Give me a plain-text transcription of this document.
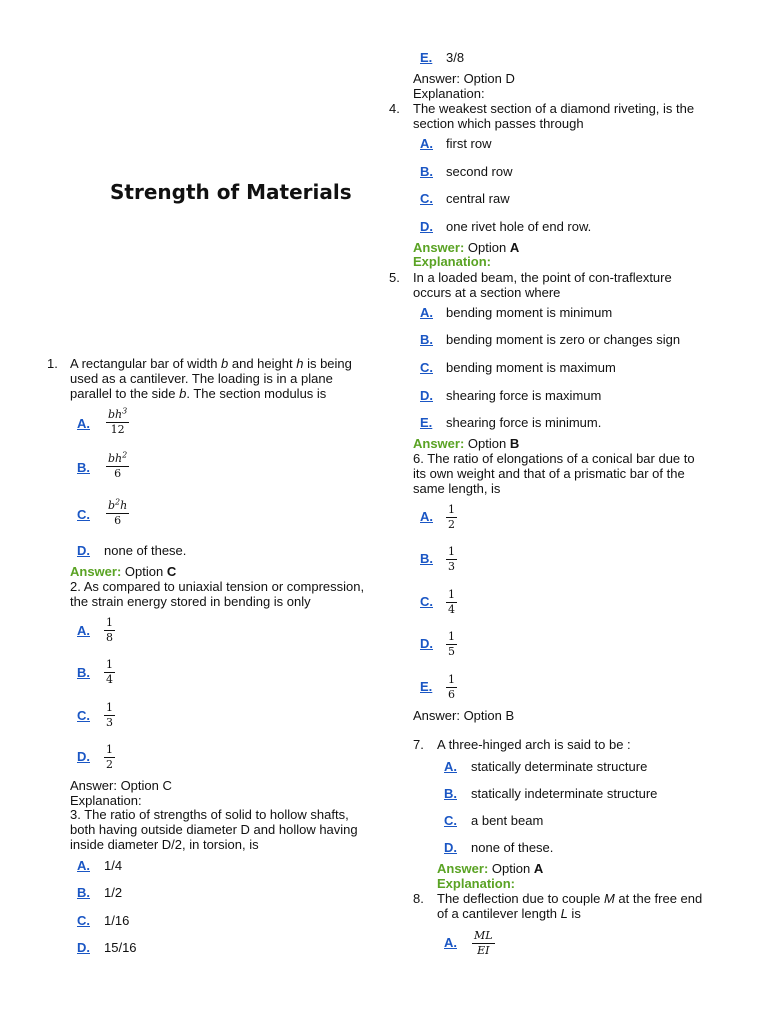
Strength of Materials
1. A rectangular bar of width b and height h is being
used as a cantilever. The loading is in a plane
parallel to the side b. The section modulus is
A. $\frac{bh^3}{12}$
B. $\frac{bh^2}{6}$
C. $\frac{b^2h}{6}$
D. none of these.
Answer: Option C
2. As compared to uniaxial tension or compression,
the strain energy stored in bending is only
A. $\frac{1}{8}$
B. $\frac{1}{4}$
C. $\frac{1}{3}$
D. $\frac{1}{2}$
Answer: Option C
Explanation:
3. The ratio of strengths of solid to hollow shafts,
both having outside diameter D and hollow having
inside diameter D/2, in torsion, is
A. 1/4
B. 1/2
C. 1/16
D. 15/16
E. 3/8
Answer: Option D
Explanation:
4. The weakest section of a diamond riveting, is the
section which passes through
A. first row
B. second row
C. central raw
D. one rivet hole of end row.
Answer: Option A
Explanation:
5. In a loaded beam, the point of con-traflexture
occurs at a section where
A. bending moment is minimum
B. bending moment is zero or changes sign
C. bending moment is maximum
D. shearing force is maximum
E. shearing force is minimum.
Answer: Option B
6. The ratio of elongations of a conical bar due to
its own weight and that of a prismatic bar of the
same length, is
A. $\frac{1}{2}$
B. $\frac{1}{3}$
C. $\frac{1}{4}$
D. $\frac{1}{5}$
E. $\frac{1}{6}$
Answer: Option B
7. A three-hinged arch is said to be :
A. statically determinate structure
B. statically indeterminate structure
C. a bent beam
D. none of these.
Answer: Option A
Explanation:
8. The deflection due to couple M at the free end
of a cantilever length L is
A. $\frac{ML}{EI}$
